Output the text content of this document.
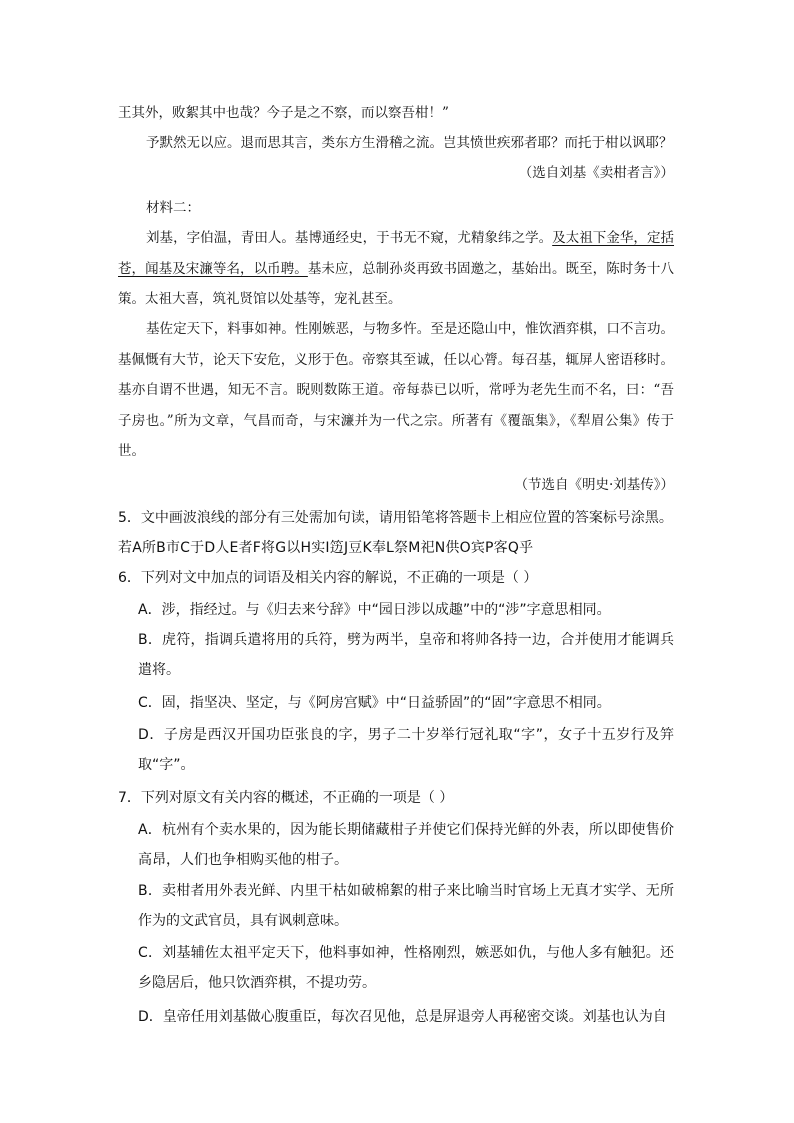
王其外，败絮其中也哉？今子是之不察，而以察吾柑！”

予默然无以应。退而思其言，类东方生滑稽之流。岂其愤世疾邪者耶？而托于柑以讽耶？

（选自刘基《卖柑者言》）

材料二：

刘基，字伯温，青田人。基博通经史，于书无不窥，尤精象纬之学。及太祖下金华，定括苍，闻基及宋濂等名，以币聘。基未应，总制孙炎再致书固邀之，基始出。既至，陈时务十八策。太祖大喜，筑礼贤馆以处基等，宠礼甚至。

基佐定天下，料事如神。性刚嫉恶，与物多忤。至是还隐山中，惟饮酒弈棋，口不言功。基佩慨有大节，论天下安危，义形于色。帝察其至诚，任以心膂。每召基，辄屏人密语移时。基亦自谓不世遇，知无不言。睨则数陈王道。帝每恭已以听，常呼为老先生而不名，曰：“吾子房也。”所为文章，气昌而奇，与宋濂并为一代之宗。所著有《覆瓿集》，《犁眉公集》传于世。

（节选自《明史·刘基传》）

5．文中画波浪线的部分有三处需加句读，请用铅笔将答题卡上相应位置的答案标号涂黑。

若A所B市C于D人E者F将G以H实I笾J豆K奉L祭M祀N供O宾P客Q乎

6．下列对文中加点的词语及相关内容的解说，不正确的一项是（ ）

A．涉，指经过。与《归去来兮辞》中“园日涉以成趣”中的“涉”字意思相同。

B．虎符，指调兵遣将用的兵符，劈为两半，皇帝和将帅各持一边，合并使用才能调兵遣将。

C．固，指坚决、坚定，与《阿房宫赋》中“日益骄固”的“固”字意思不相同。

D．子房是西汉开国功臣张良的字，男子二十岁举行冠礼取“字”，女子十五岁行及笄取“字”。

7．下列对原文有关内容的概述，不正确的一项是（ ）

A．杭州有个卖水果的，因为能长期储藏柑子并使它们保持光鲜的外表，所以即使售价高昂，人们也争相购买他的柑子。

B．卖柑者用外表光鲜、内里干枯如破棉絮的柑子来比喻当时官场上无真才实学、无所作为的文武官员，具有讽刺意味。

C．刘基辅佐太祖平定天下，他料事如神，性格刚烈，嫉恶如仇，与他人多有触犯。还乡隐居后，他只饮酒弈棋，不提功劳。

D．皇帝任用刘基做心腹重臣，每次召见他，总是屏退旁人再秘密交谈。刘基也认为自
